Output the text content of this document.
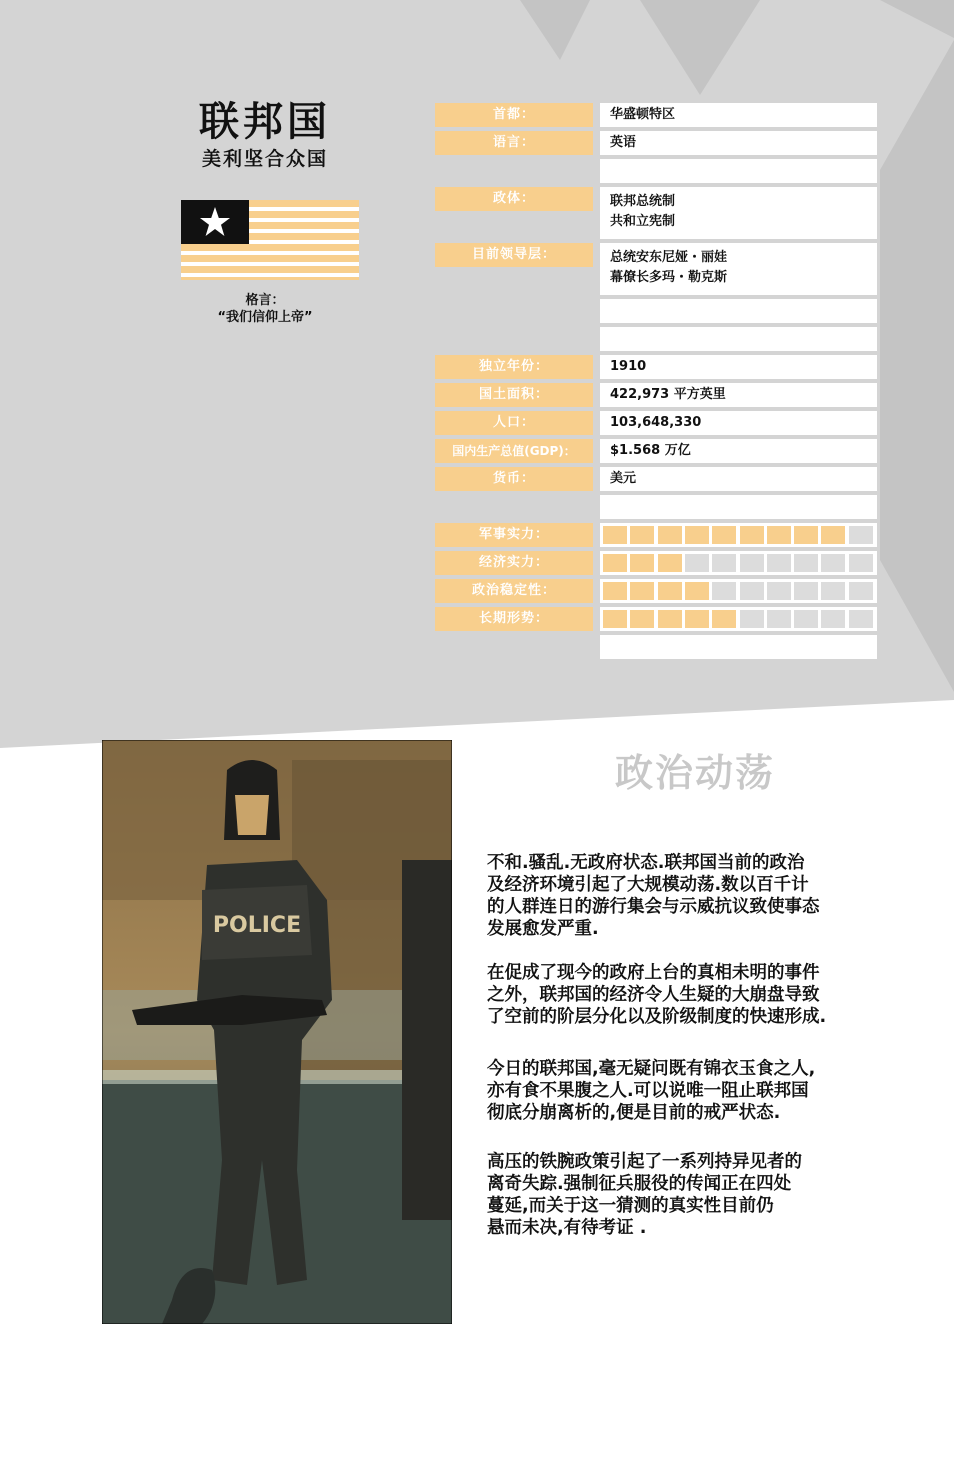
联邦国
美利坚合众国
格言：
“我们信仰上帝”
首都：	华盛顿特区
语言：	英语
政体：	联邦总统制
共和立宪制
目前领导层：	总统安东尼娅・丽娃
幕僚长多玛・勒克斯
独立年份：	1910
国土面积：	422,973 平方英里
人口：	103,648,330
国内生产总值(GDP)：	$1.568 万亿
货币：	美元
军事实力：
经济实力：
政治稳定性：
长期形势：
POLICE
政治动荡
不和.骚乱.无政府状态.联邦国当前的政治
及经济环境引起了大规模动荡.数以百千计
的人群连日的游行集会与示威抗议致使事态
发展愈发严重.
在促成了现今的政府上台的真相未明的事件
之外，联邦国的经济令人生疑的大崩盘导致
了空前的阶层分化以及阶级制度的快速形成.
今日的联邦国,毫无疑问既有锦衣玉食之人,
亦有食不果腹之人.可以说唯一阻止联邦国
彻底分崩离析的,便是目前的戒严状态.
高压的铁腕政策引起了一系列持异见者的
离奇失踪.强制征兵服役的传闻正在四处
蔓延,而关于这一猜测的真实性目前仍
悬而未决,有待考证 .
